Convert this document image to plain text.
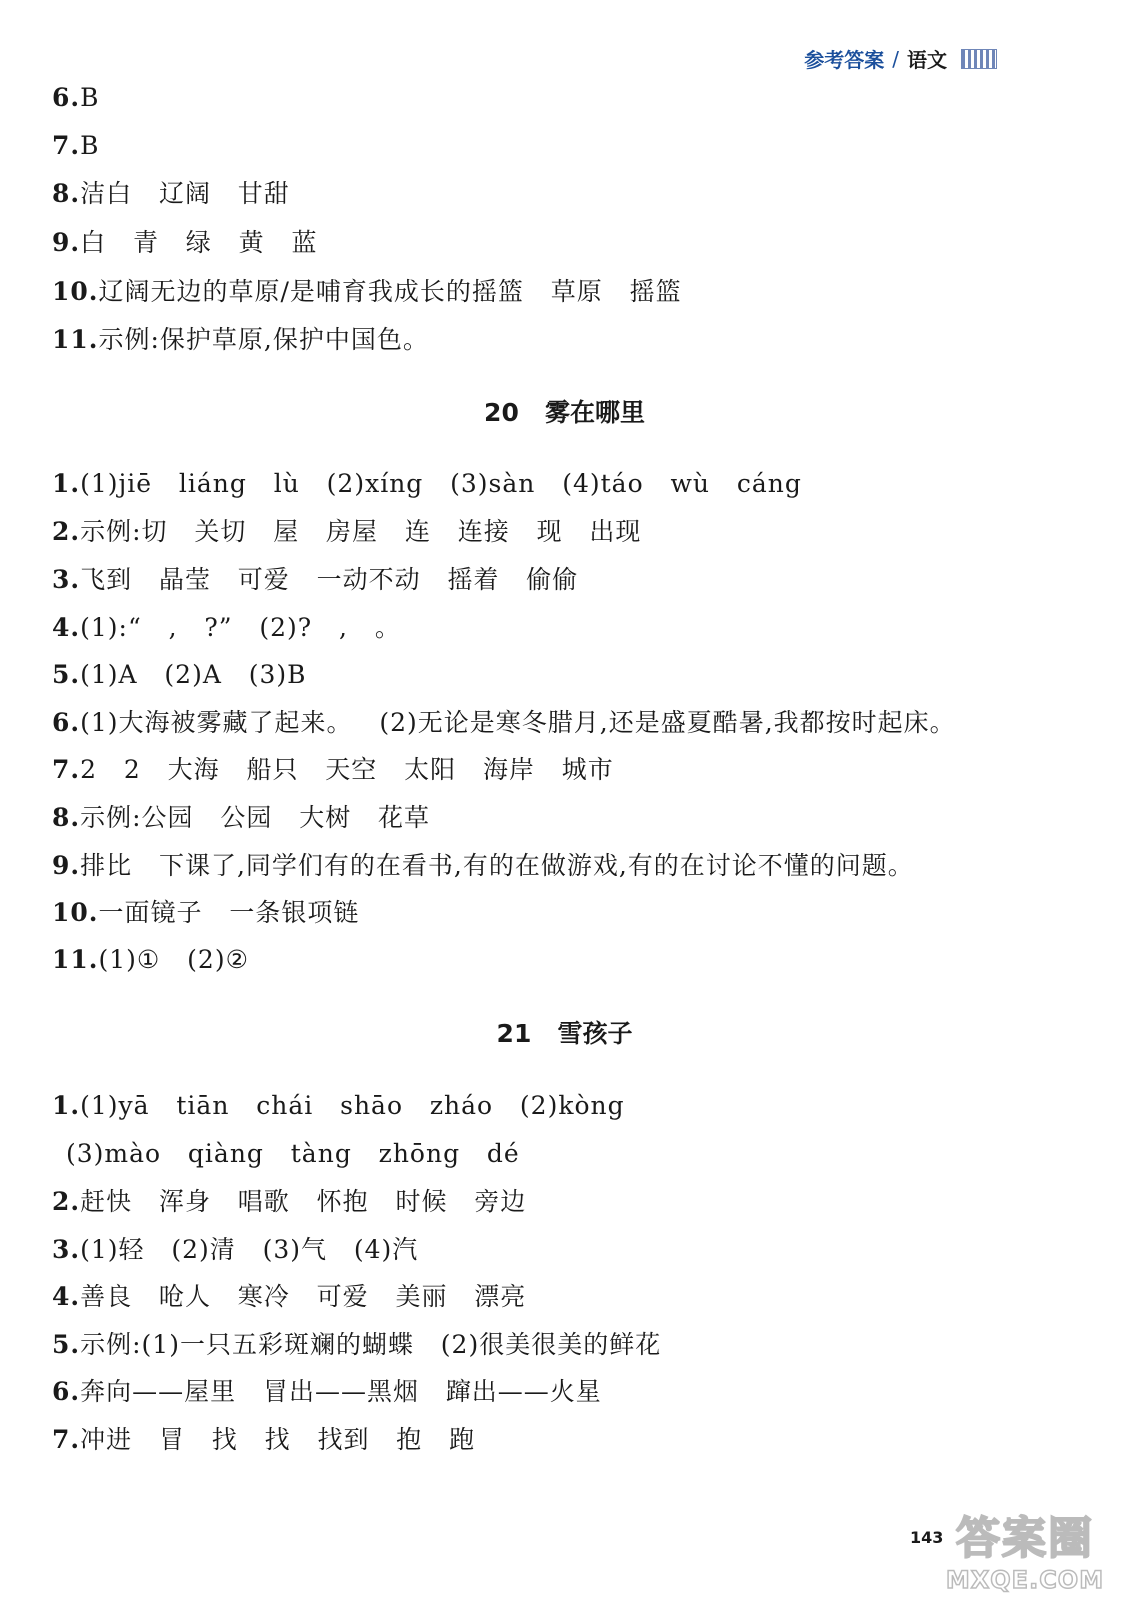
参考答案 / 语文
6.B
7.B
8.洁白   辽阔   甘甜
9.白   青   绿   黄   蓝
10.辽阔无边的草原/是哺育我成长的摇篮   草原   摇篮
11.示例:保护草原,保护中国色。
20   雾在哪里
1.(1)jiē   liáng   lù   (2)xíng   (3)sàn   (4)táo   wù   cáng
2.示例:切   关切   屋   房屋   连   连接   现   出现
3.飞到   晶莹   可爱   一动不动   摇着   偷偷
4.(1):“   ,   ?”   (2)?   ,   。
5.(1)A   (2)A   (3)B
6.(1)大海被雾藏了起来。   (2)无论是寒冬腊月,还是盛夏酷暑,我都按时起床。
7.2   2   大海   船只   天空   太阳   海岸   城市
8.示例:公园   公园   大树   花草
9.排比   下课了,同学们有的在看书,有的在做游戏,有的在讨论不懂的问题。
10.一面镜子   一条银项链
11.(1)①   (2)②
21   雪孩子
1.(1)yā   tiān   chái   shāo   zháo   (2)kòng
(3)mào   qiàng   tàng   zhōng   dé
2.赶快   浑身   唱歌   怀抱   时候   旁边
3.(1)轻   (2)清   (3)气   (4)汽
4.善良   呛人   寒冷   可爱   美丽   漂亮
5.示例:(1)一只五彩斑斓的蝴蝶   (2)很美很美的鲜花
6.奔向——屋里   冒出——黑烟   蹿出——火星
7.冲进   冒   找   找   找到   抱   跑
143 答案圈
MXQE.COM
